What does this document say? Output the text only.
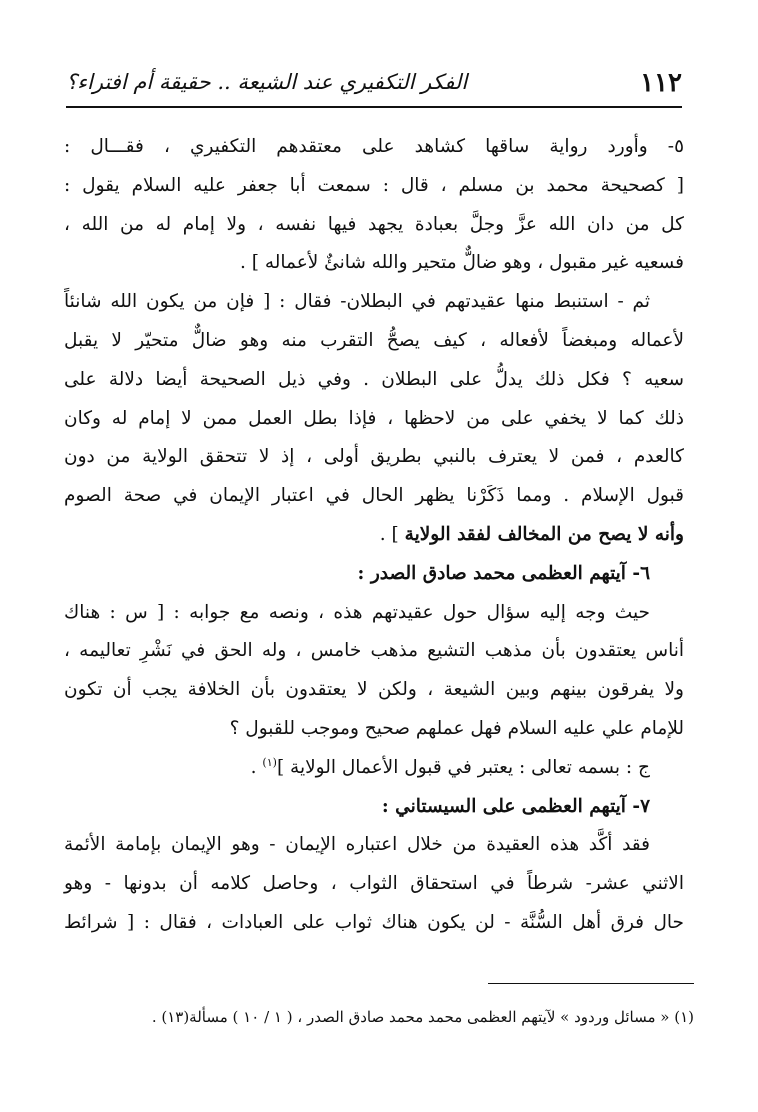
١١٢
الفكر التكفيري عند الشيعة .. حقيقة أم افتراء؟
٥- وأورد رواية ساقها كشاهد على معتقدهم التكفيري ، فقـــال :
[ كصحيحة محمد بن مسلم ، قال : سمعت أبا جعفر عليه السلام يقول :
كل من دان الله عزَّ وجلَّ بعبادة يجهد فيها نفسه ، ولا إمام له من الله ،
فسعيه غير مقبول ، وهو ضالٌّ متحير والله شانئٌ لأعماله ] .
ثم - استنبط منها عقيدتهم في البطلان- فقال : [ فإن من يكون الله شانئاً
لأعماله ومبغضاً لأفعاله ، كيف يصحُّ التقرب منه وهو ضالٌّ متحيّر لا يقبل
سعيه ؟ فكل ذلك يدلُّ على البطلان . وفي ذيل الصحيحة أيضا دلالة على
ذلك كما لا يخفي على من لاحظها ، فإذا بطل العمل ممن لا إمام له وكان
كالعدم ، فمن لا يعترف بالنبي بطريق أولى ، إذ لا تتحقق الولاية من دون
قبول الإسلام . ومما ذَكَرْنا يظهر الحال في اعتبار الإيمان في صحة الصوم
وأنه لا يصح من المخالف لفقد الولاية ] .
٦- آيتهم العظمى محمد صادق الصدر :
حيث وجه إليه سؤال حول عقيدتهم هذه ، ونصه مع جوابه : [ س : هناك
أناس يعتقدون بأن مذهب التشيع مذهب خامس ، وله الحق في نَشْرِ تعاليمه ،
ولا يفرقون بينهم وبين الشيعة ، ولكن لا يعتقدون بأن الخلافة يجب أن تكون
للإمام علي عليه السلام فهل عملهم صحيح وموجب للقبول ؟
ج : بسمه تعالى : يعتبر في قبول الأعمال الولاية ]$^{(١)}$ .
٧- آيتهم العظمى على السيستاني :
فقد أكَّد هذه العقيدة من خلال اعتباره الإيمان - وهو الإيمان بإمامة الأئمة
الاثني عشر- شرطاً في استحقاق الثواب ، وحاصل كلامه أن بدونها - وهو
حال فرق أهل السُّنَّة - لن يكون هناك ثواب على العبادات ، فقال : [ شرائط
(١) « مسائل وردود » لآيتهم العظمى محمد محمد صادق الصدر ، ( ١ / ١٠ ) مسألة(١٣) .
